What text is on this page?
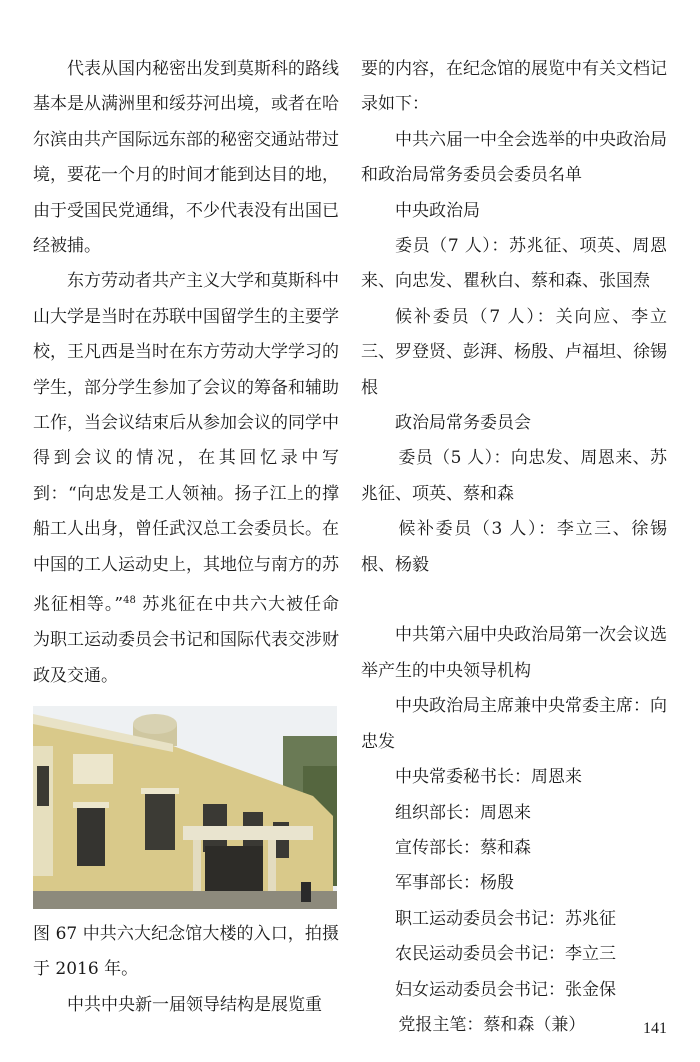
代表从国内秘密出发到莫斯科的路线基本是从满洲里和绥芬河出境，或者在哈尔滨由共产国际远东部的秘密交通站带过境，要花一个月的时间才能到达目的地，由于受国民党通缉，不少代表没有出国已经被捕。

东方劳动者共产主义大学和莫斯科中山大学是当时在苏联中国留学生的主要学校，王凡西是当时在东方劳动大学学习的学生，部分学生参加了会议的筹备和辅助工作，当会议结束后从参加会议的同学中得到会议的情况，在其回忆录中写到：“向忠发是工人领袖。扬子江上的撑船工人出身，曾任武汉总工会委员长。在中国的工人运动史上，其地位与南方的苏兆征相等。”$^{48}$ 苏兆征在中共六大被任命为职工运动委员会书记和国际代表交涉财政及交通。

图 67 中共六大纪念馆大楼的入口，拍摄于 2016 年。

中共中央新一届领导结构是展览重

要的内容，在纪念馆的展览中有关文档记录如下：

中共六届一中全会选举的中央政治局和政治局常务委员会委员名单

中央政治局

委员（7 人）：苏兆征、项英、周恩来、向忠发、瞿秋白、蔡和森、张国焘

候补委员（7 人）：关向应、李立三、罗登贤、彭湃、杨殷、卢福坦、徐锡根

政治局常务委员会

委员（5 人）：向忠发、周恩来、苏兆征、项英、蔡和森

候补委员（3 人）：李立三、徐锡根、杨毅

中共第六届中央政治局第一次会议选举产生的中央领导机构

中央政治局主席兼中央常委主席：向忠发

中央常委秘书长：周恩来

组织部长：周恩来

宣传部长：蔡和森

军事部长：杨殷

职工运动委员会书记：苏兆征

农民运动委员会书记：李立三

妇女运动委员会书记：张金保

党报主笔：蔡和森（兼）	141
